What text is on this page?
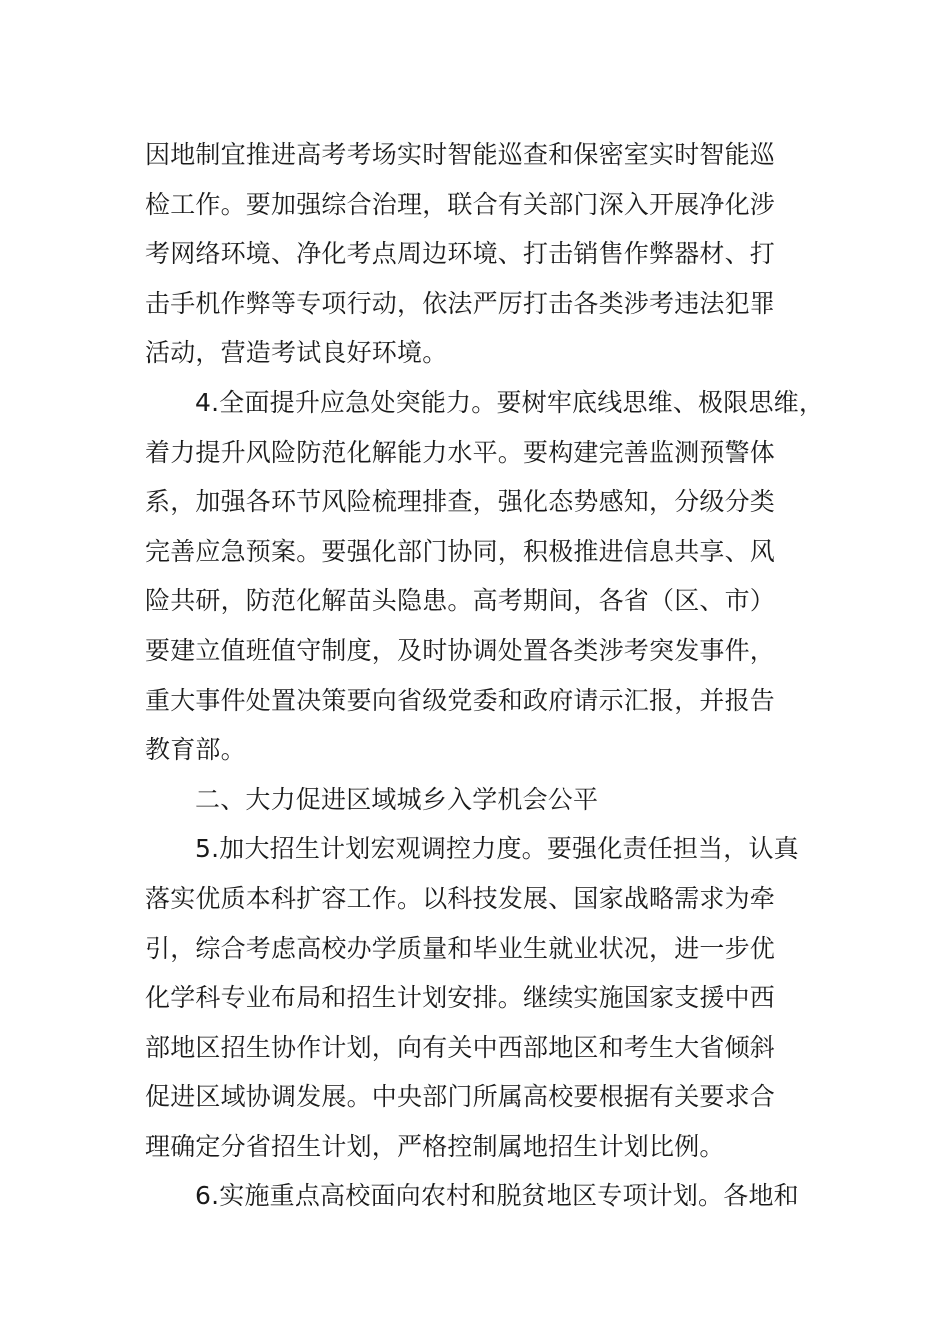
因地制宜推进高考考场实时智能巡查和保密室实时智能巡
检工作。要加强综合治理，联合有关部门深入开展净化涉
考网络环境、净化考点周边环境、打击销售作弊器材、打
击手机作弊等专项行动，依法严厉打击各类涉考违法犯罪
活动，营造考试良好环境。
4.全面提升应急处突能力。要树牢底线思维、极限思维，
着力提升风险防范化解能力水平。要构建完善监测预警体
系，加强各环节风险梳理排查，强化态势感知，分级分类
完善应急预案。要强化部门协同，积极推进信息共享、风
险共研，防范化解苗头隐患。高考期间，各省（区、市）
要建立值班值守制度，及时协调处置各类涉考突发事件，
重大事件处置决策要向省级党委和政府请示汇报，并报告
教育部。
二、大力促进区域城乡入学机会公平
5.加大招生计划宏观调控力度。要强化责任担当，认真
落实优质本科扩容工作。以科技发展、国家战略需求为牵
引，综合考虑高校办学质量和毕业生就业状况，进一步优
化学科专业布局和招生计划安排。继续实施国家支援中西
部地区招生协作计划，向有关中西部地区和考生大省倾斜
促进区域协调发展。中央部门所属高校要根据有关要求合
理确定分省招生计划，严格控制属地招生计划比例。
6.实施重点高校面向农村和脱贫地区专项计划。各地和
